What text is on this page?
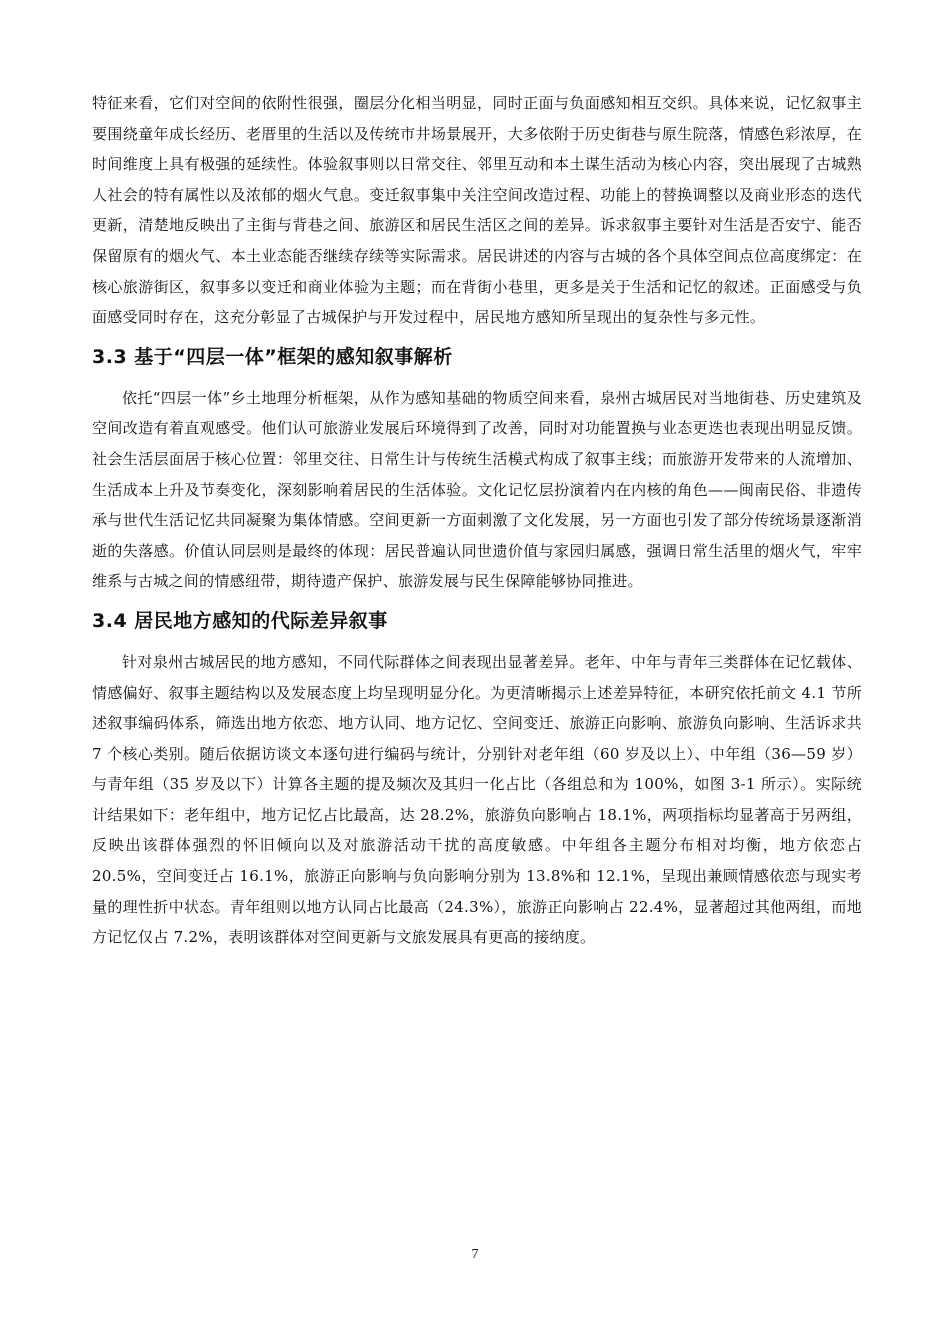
特征来看，它们对空间的依附性很强，圈层分化相当明显，同时正面与负面感知相互交织。具体来说，记忆叙事主要围绕童年成长经历、老厝里的生活以及传统市井场景展开，大多依附于历史街巷与原生院落，情感色彩浓厚，在时间维度上具有极强的延续性。体验叙事则以日常交往、邻里互动和本土谋生活动为核心内容，突出展现了古城熟人社会的特有属性以及浓郁的烟火气息。变迁叙事集中关注空间改造过程、功能上的替换调整以及商业形态的迭代更新，清楚地反映出了主街与背巷之间、旅游区和居民生活区之间的差异。诉求叙事主要针对生活是否安宁、能否保留原有的烟火气、本土业态能否继续存续等实际需求。居民讲述的内容与古城的各个具体空间点位高度绑定：在核心旅游街区，叙事多以变迁和商业体验为主题；而在背街小巷里，更多是关于生活和记忆的叙述。正面感受与负面感受同时存在，这充分彰显了古城保护与开发过程中，居民地方感知所呈现出的复杂性与多元性。

3.3 基于“四层一体”框架的感知叙事解析

依托“四层一体”乡土地理分析框架，从作为感知基础的物质空间来看，泉州古城居民对当地街巷、历史建筑及空间改造有着直观感受。他们认可旅游业发展后环境得到了改善，同时对功能置换与业态更迭也表现出明显反馈。社会生活层面居于核心位置：邻里交往、日常生计与传统生活模式构成了叙事主线；而旅游开发带来的人流增加、生活成本上升及节奏变化，深刻影响着居民的生活体验。文化记忆层扮演着内在内核的角色——闽南民俗、非遗传承与世代生活记忆共同凝聚为集体情感。空间更新一方面刺激了文化发展，另一方面也引发了部分传统场景逐渐消逝的失落感。价值认同层则是最终的体现：居民普遍认同世遗价值与家园归属感，强调日常生活里的烟火气，牢牢维系与古城之间的情感纽带，期待遗产保护、旅游发展与民生保障能够协同推进。

3.4 居民地方感知的代际差异叙事

针对泉州古城居民的地方感知，不同代际群体之间表现出显著差异。老年、中年与青年三类群体在记忆载体、情感偏好、叙事主题结构以及发展态度上均呈现明显分化。为更清晰揭示上述差异特征，本研究依托前文 4.1 节所述叙事编码体系，筛选出地方依恋、地方认同、地方记忆、空间变迁、旅游正向影响、旅游负向影响、生活诉求共 7 个核心类别。随后依据访谈文本逐句进行编码与统计，分别针对老年组（60 岁及以上）、中年组（36—59 岁）与青年组（35 岁及以下）计算各主题的提及频次及其归一化占比（各组总和为 100%，如图 3-1 所示）。实际统计结果如下：老年组中，地方记忆占比最高，达 28.2%，旅游负向影响占 18.1%，两项指标均显著高于另两组，反映出该群体强烈的怀旧倾向以及对旅游活动干扰的高度敏感。中年组各主题分布相对均衡，地方依恋占 20.5%，空间变迁占 16.1%，旅游正向影响与负向影响分别为 13.8%和 12.1%，呈现出兼顾情感依恋与现实考量的理性折中状态。青年组则以地方认同占比最高（24.3%），旅游正向影响占 22.4%，显著超过其他两组，而地方记忆仅占 7.2%，表明该群体对空间更新与文旅发展具有更高的接纳度。

7
